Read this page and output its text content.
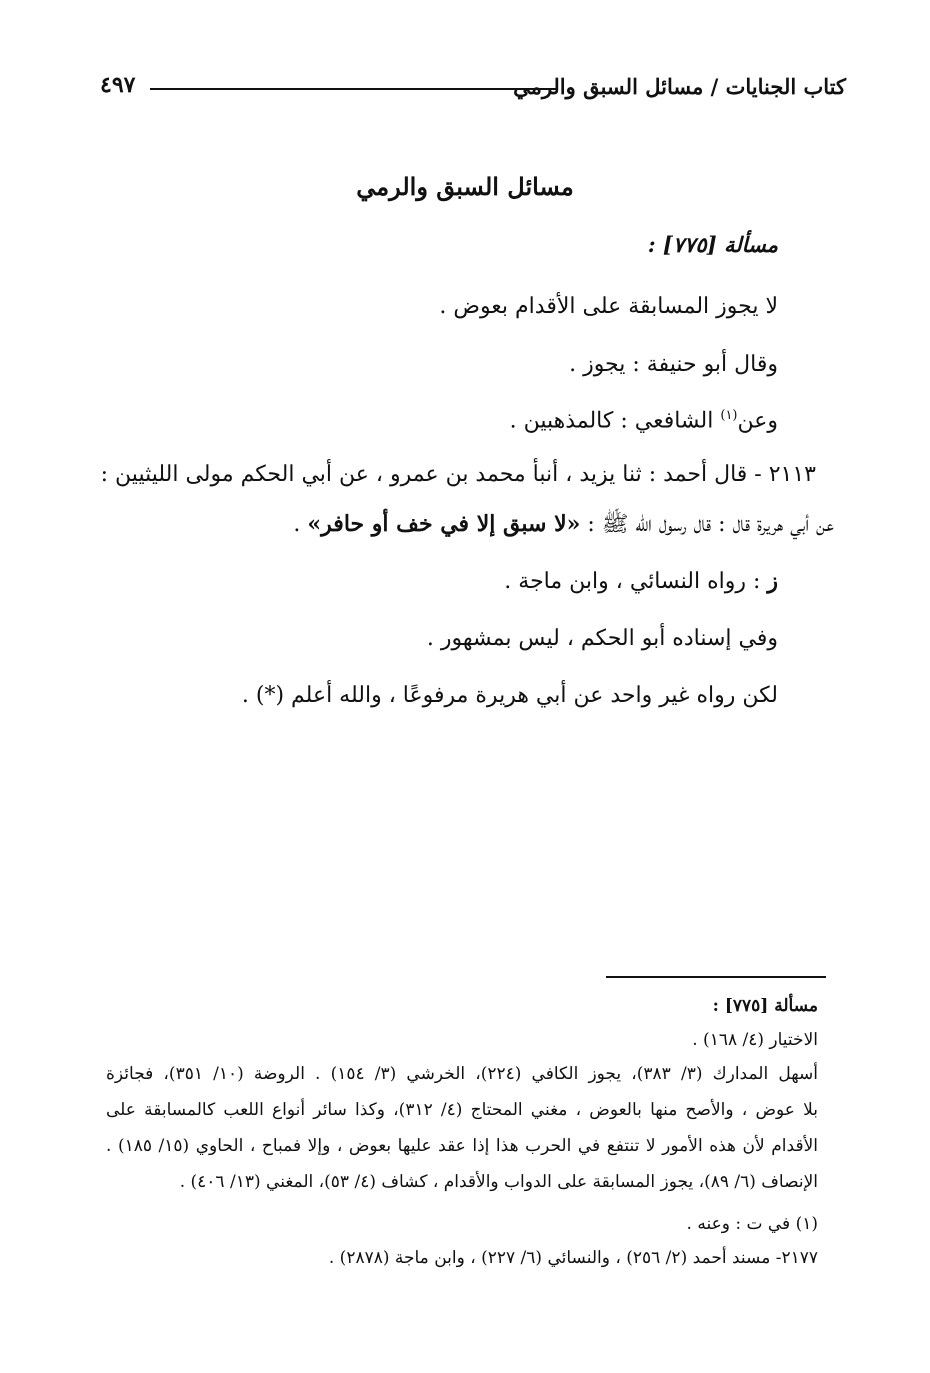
كتاب الجنايات / مسائل السبق والرمي
٤٩٧
مسائل السبق والرمي
مسألة [٧٧٥] :
لا يجوز المسابقة على الأقدام بعوض .
وقال أبو حنيفة : يجوز .
وعن$^{(١)}$ الشافعي : كالمذهبين .
٢١١٣ - قال أحمد : ثنا يزيد ، أنبأ محمد بن عمرو ، عن أبي الحكم مولى الليثيين :
عن أبي هريرة قال : قال رسول الله ﷺ : «لا سبق إلا في خف أو حافر» .
ز : رواه النسائي ، وابن ماجة .
وفي إسناده أبو الحكم ، ليس بمشهور .
لكن رواه غير واحد عن أبي هريرة مرفوعًا ، والله أعلم (*) .
مسألة [٧٧٥] :
الاختيار (٤/ ١٦٨) .
أسهل المدارك (٣/ ٣٨٣)، يجوز الكافي (٢٢٤)، الخرشي (٣/ ١٥٤) . الروضة (١٠/ ٣٥١)، فجائزة
بلا عوض ، والأصح منها بالعوض ، مغني المحتاج (٤/ ٣١٢)، وكذا سائر أنواع اللعب كالمسابقة على
الأقدام لأن هذه الأمور لا تنتفع في الحرب هذا إذا عقد عليها بعوض ، وإلا فمباح ، الحاوي (١٥/ ١٨٥) .
الإنصاف (٦/ ٨٩)، يجوز المسابقة على الدواب والأقدام ، كشاف (٤/ ٥٣)، المغني (١٣/ ٤٠٦) .
(١) في ت : وعنه .
٢١٧٧- مسند أحمد (٢/ ٢٥٦) ، والنسائي (٦/ ٢٢٧) ، وابن ماجة (٢٨٧٨) .
